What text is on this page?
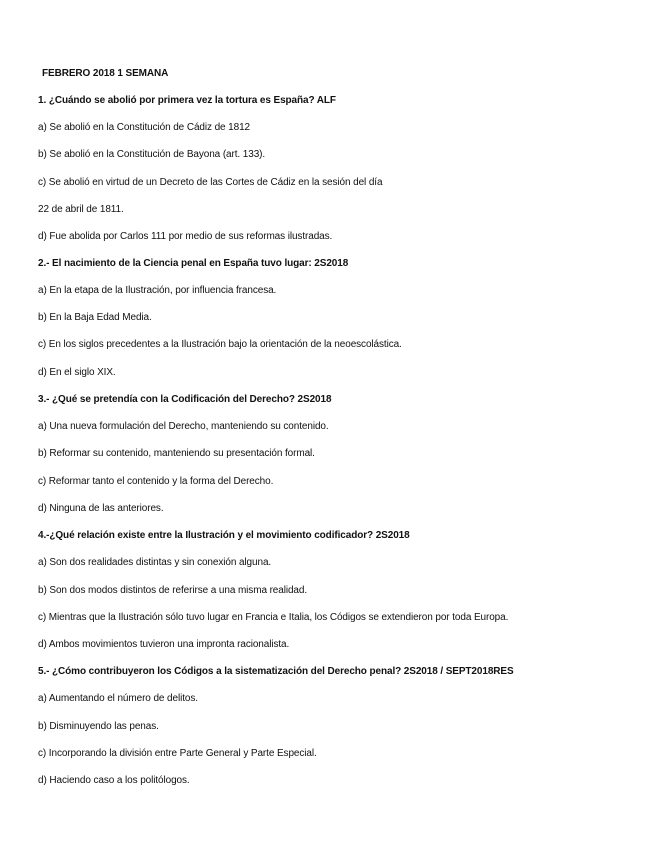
FEBRERO 2018 1 SEMANA
1. ¿Cuándo se abolió por primera vez la tortura es España? ALF
a) Se abolió en la Constitución de Cádiz de 1812
b) Se abolió en la Constitución de Bayona (art. 133).
c) Se abolió en virtud de un Decreto de las Cortes de Cádiz en la sesión del día
22 de abril de 1811.
d) Fue abolida por Carlos 111 por medio de sus reformas ilustradas.
2.- El nacimiento de la Ciencia penal en España tuvo lugar: 2S2018
a) En la etapa de la Ilustración, por influencia francesa.
b) En la Baja Edad Media.
c) En los siglos precedentes a la Ilustración bajo la orientación de la neoescolástica.
d) En el siglo XIX.
3.- ¿Qué se pretendía con la Codificación del Derecho? 2S2018
a) Una nueva formulación del Derecho, manteniendo su contenido.
b) Reformar su contenido, manteniendo su presentación formal.
c) Reformar tanto el contenido y la forma del Derecho.
d) Ninguna de las anteriores.
4.-¿Qué relación existe entre la Ilustración y el movimiento codificador? 2S2018
a) Son dos realidades distintas y sin conexión alguna.
b) Son dos modos distintos de referirse a una misma realidad.
c) Mientras que la Ilustración sólo tuvo lugar en Francia e Italia, los Códigos se extendieron por toda Europa.
d) Ambos movimientos tuvieron una impronta racionalista.
5.- ¿Cómo contribuyeron los Códigos a la sistematización del Derecho penal? 2S2018 / SEPT2018RES
a) Aumentando el número de delitos.
b) Disminuyendo las penas.
c) Incorporando la división entre Parte General y Parte Especial.
d) Haciendo caso a los politólogos.
